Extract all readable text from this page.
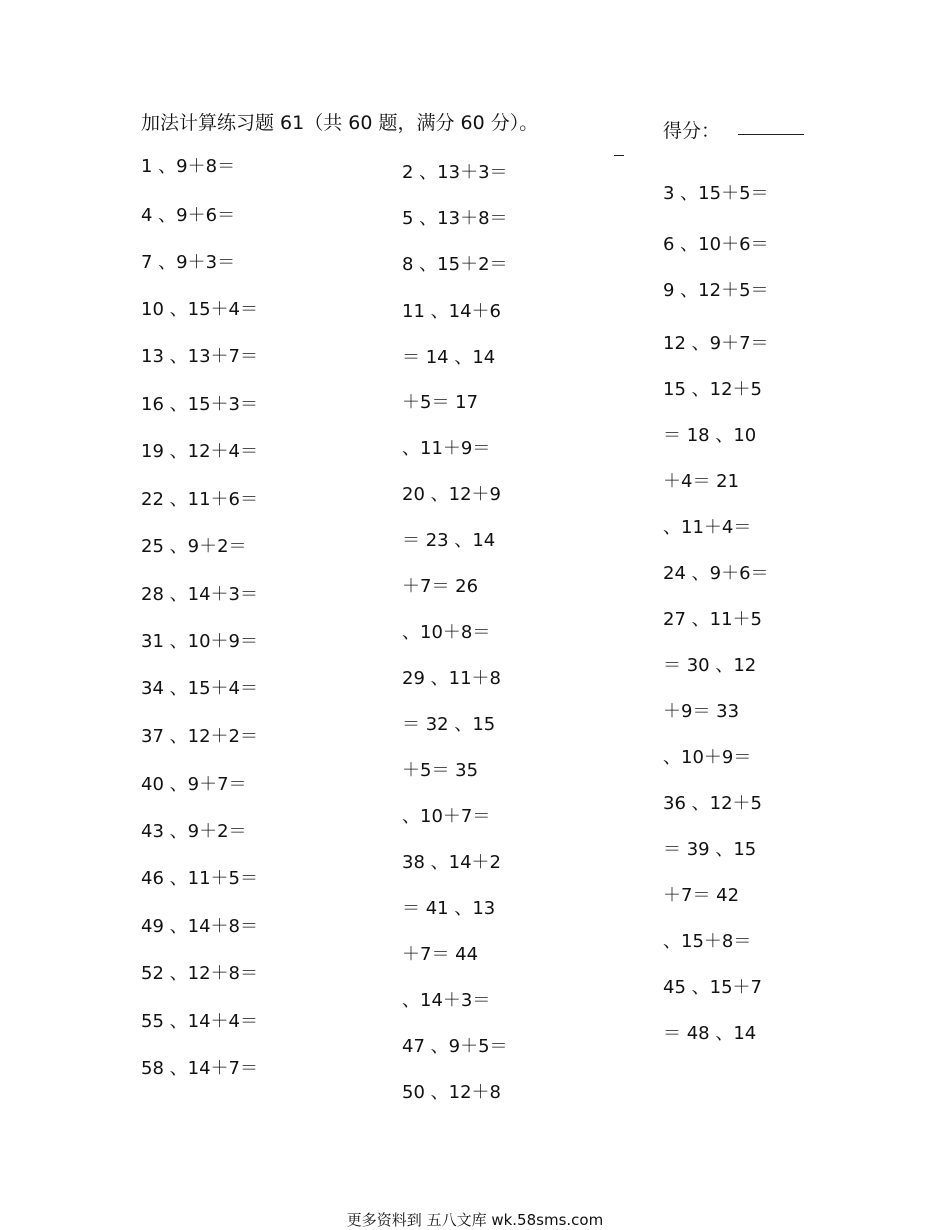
加法计算练习题 61（共 60 题，满分 60 分）。	得分：
1 、9＋8＝
4 、9＋6＝
7 、9＋3＝
10 、15＋4＝
13 、13＋7＝
16 、15＋3＝
19 、12＋4＝
22 、11＋6＝
25 、9＋2＝
28 、14＋3＝
31 、10＋9＝
34 、15＋4＝
37 、12＋2＝
40 、9＋7＝
43 、9＋2＝
46 、11＋5＝
49 、14＋8＝
52 、12＋8＝
55 、14＋4＝
58 、14＋7＝
2 、13＋3＝
5 、13＋8＝
8 、15＋2＝
11 、14＋6
＝ 14 、14
＋5＝ 17
、11＋9＝
20 、12＋9
＝ 23 、14
＋7＝ 26
、10＋8＝
29 、11＋8
＝ 32 、15
＋5＝ 35
、10＋7＝
38 、14＋2
＝ 41 、13
＋7＝ 44
、14＋3＝
47 、9＋5＝
50 、12＋8
3 、15＋5＝
6 、10＋6＝
9 、12＋5＝
12 、9＋7＝
15 、12＋5
＝ 18 、10
＋4＝ 21
、11＋4＝
24 、9＋6＝
27 、11＋5
＝ 30 、12
＋9＝ 33
、10＋9＝
36 、12＋5
＝ 39 、15
＋7＝ 42
、15＋8＝
45 、15＋7
＝ 48 、14
更多资料到 五八文库 wk.58sms.com
